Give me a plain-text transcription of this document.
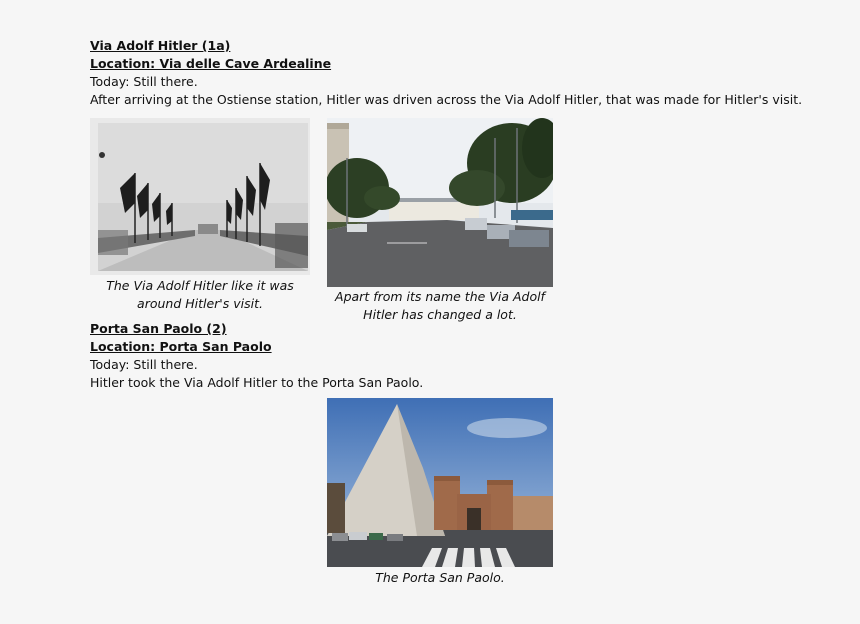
Via Adolf Hitler (1a)
Location: Via delle Cave Ardealine
Today: Still there.
After arriving at the Ostiense station, Hitler was driven across the Via Adolf Hitler, that was made for Hitler's visit.
The Via Adolf Hitler like it was
around Hitler's visit.	Apart from its name the Via Adolf
Hitler has changed a lot.
Porta San Paolo (2)
Location: Porta San Paolo
Today: Still there.
Hitler took the Via Adolf Hitler to the Porta San Paolo.
The Porta San Paolo.
